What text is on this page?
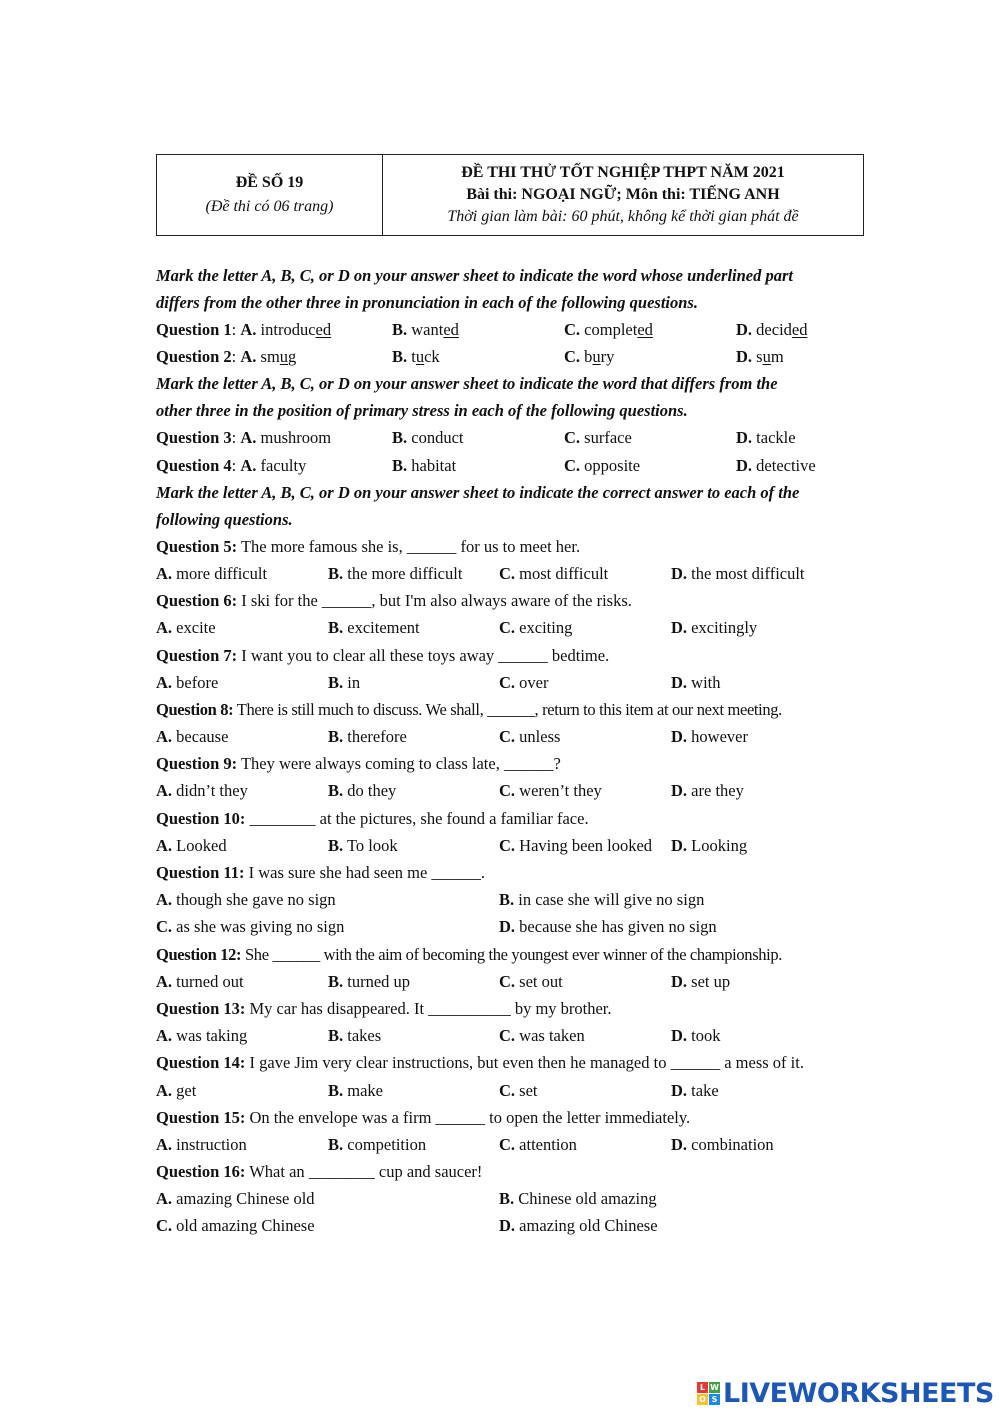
ĐỀ SỐ 19
(Đề thi có 06 trang)
ĐỀ THI THỬ TỐT NGHIỆP THPT NĂM 2021
Bài thi: NGOẠI NGỮ; Môn thi: TIẾNG ANH
Thời gian làm bài: 60 phút, không kể thời gian phát đề
Mark the letter A, B, C, or D on your answer sheet to indicate the word whose underlined part
differs from the other three in pronunciation in each of the following questions.
Question 1: A. introduced	B. wanted	C. completed	D. decided
Question 2: A. smug	B. tuck	C. bury	D. sum
Mark the letter A, B, C, or D on your answer sheet to indicate the word that differs from the
other three in the position of primary stress in each of the following questions.
Question 3: A. mushroom	B. conduct	C. surface	D. tackle
Question 4: A. faculty	B. habitat	C. opposite	D. detective
Mark the letter A, B, C, or D on your answer sheet to indicate the correct answer to each of the
following questions.
Question 5: The more famous she is, ______ for us to meet her.
A. more difficult	B. the more difficult C. most difficult	D. the most difficult
Question 6: I ski for the ______, but I'm also always aware of the risks.
A. excite	B. excitement	C. exciting	D. excitingly
Question 7: I want you to clear all these toys away ______ bedtime.
A. before	B. in	C. over	D. with
Question 8: There is still much to discuss. We shall, ______, return to this item at our next meeting.
A. because	B. therefore	C. unless	D. however
Question 9: They were always coming to class late, ______?
A. didn’t they	B. do they	C. weren’t they	D. are they
Question 10: ________ at the pictures, she found a familiar face.
A. Looked	B. To look	C. Having been looked D. Looking
Question 11: I was sure she had seen me ______.
A. though she gave no sign	B. in case she will give no sign
C. as she was giving no sign	D. because she has given no sign
Question 12: She ______ with the aim of becoming the youngest ever winner of the championship.
A. turned out	B. turned up	C. set out	D. set up
Question 13: My car has disappeared. It __________ by my brother.
A. was taking	B. takes	C. was taken	D. took
Question 14: I gave Jim very clear instructions, but even then he managed to ______ a mess of it.
A. get	B. make	C. set	D. take
Question 15: On the envelope was a firm ______ to open the letter immediately.
A. instruction	B. competition	C. attention	D. combination
Question 16: What an ________ cup and saucer!
A. amazing Chinese old	B. Chinese old amazing
C. old amazing Chinese	D. amazing old Chinese
L W
O S LIVEWORKSHEETS
